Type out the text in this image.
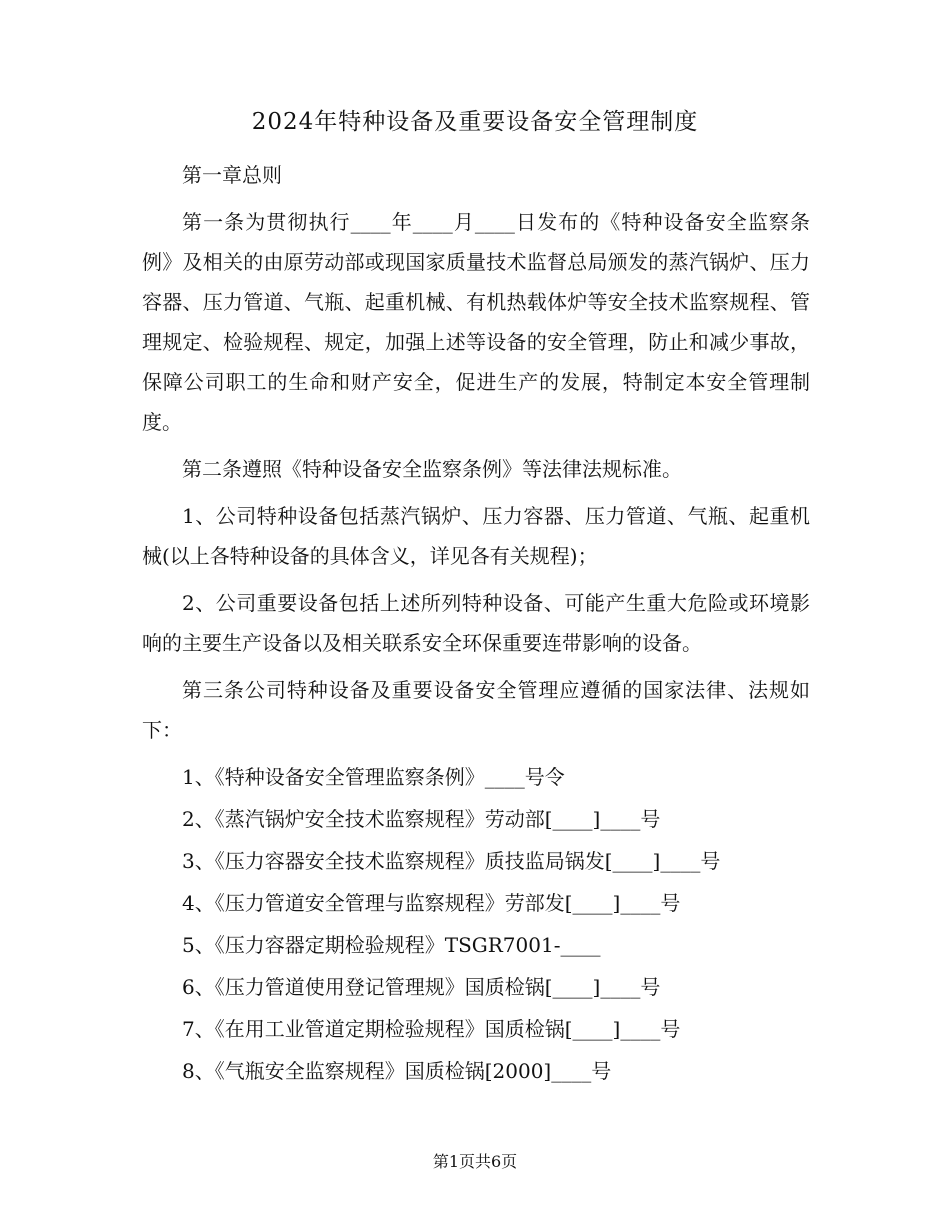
2024年特种设备及重要设备安全管理制度

第一章总则

第一条为贯彻执行____年____月____日发布的《特种设备安全监察条例》及相关的由原劳动部或现国家质量技术监督总局颁发的蒸汽锅炉、压力容器、压力管道、气瓶、起重机械、有机热载体炉等安全技术监察规程、管理规定、检验规程、规定，加强上述等设备的安全管理，防止和减少事故，保障公司职工的生命和财产安全，促进生产的发展，特制定本安全管理制度。

第二条遵照《特种设备安全监察条例》等法律法规标准。

1、公司特种设备包括蒸汽锅炉、压力容器、压力管道、气瓶、起重机械(以上各特种设备的具体含义，详见各有关规程)；

2、公司重要设备包括上述所列特种设备、可能产生重大危险或环境影响的主要生产设备以及相关联系安全环保重要连带影响的设备。

第三条公司特种设备及重要设备安全管理应遵循的国家法律、法规如下：

1、《特种设备安全管理监察条例》____号令

2、《蒸汽锅炉安全技术监察规程》劳动部[____]____号

3、《压力容器安全技术监察规程》质技监局锅发[____]____号

4、《压力管道安全管理与监察规程》劳部发[____]____号

5、《压力容器定期检验规程》TSGR7001-____

6、《压力管道使用登记管理规》国质检锅[____]____号

7、《在用工业管道定期检验规程》国质检锅[____]____号

8、《气瓶安全监察规程》国质检锅[2000]____号

第1页共6页
